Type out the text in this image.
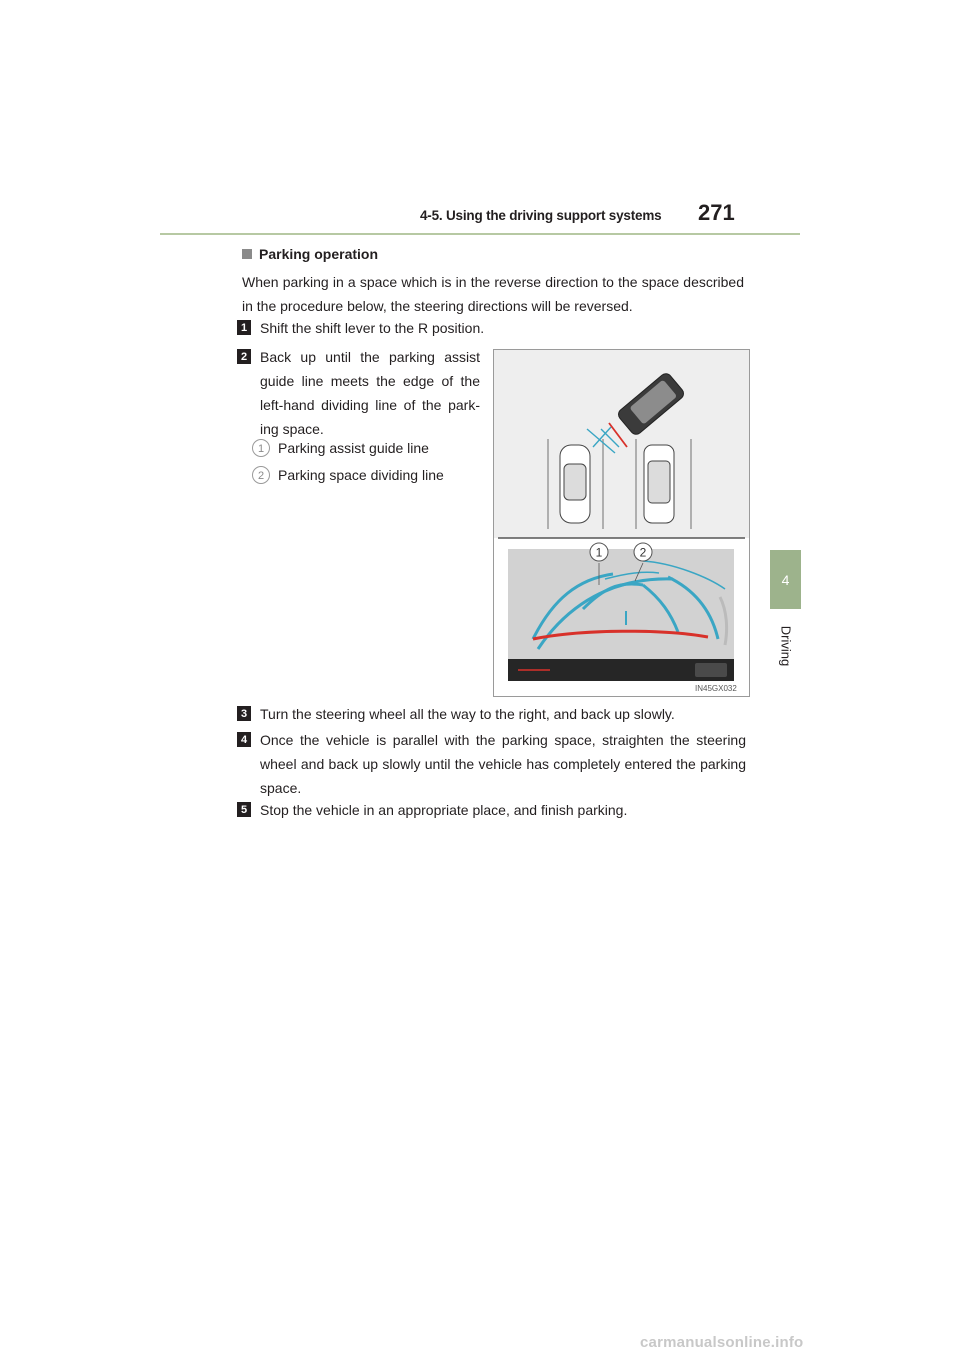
4-5. Using the driving support systems 271
4
Driving
Parking operation
When parking in a space which is in the reverse direction to the space described in the procedure below, the steering directions will be reversed.
1 Shift the shift lever to the R position.
2 Back up until the parking assist guide line meets the edge of the left-hand dividing line of the park-ing space.
1 Parking assist guide line
2 Parking space dividing line
1	2
IN45GX032
3 Turn the steering wheel all the way to the right, and back up slowly.
4 Once the vehicle is parallel with the parking space, straighten the steering wheel and back up slowly until the vehicle has completely entered the parking space.
5 Stop the vehicle in an appropriate place, and finish parking.
carmanualsonline.info
